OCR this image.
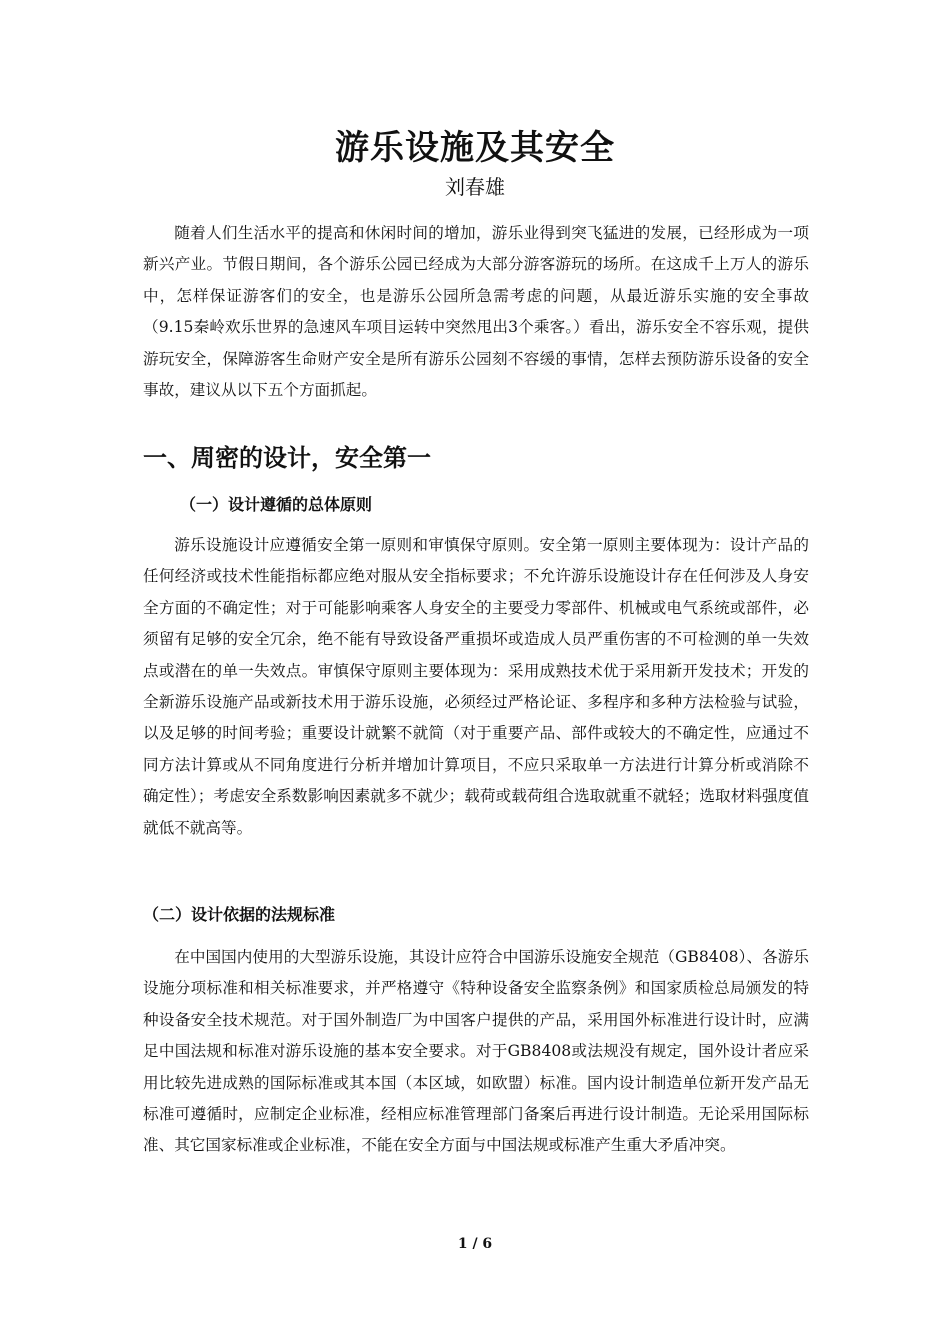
游乐设施及其安全
刘春雄

随着人们生活水平的提高和休闲时间的增加，游乐业得到突飞猛进的发展，已经形成为一项新兴产业。节假日期间，各个游乐公园已经成为大部分游客游玩的场所。在这成千上万人的游乐中，怎样保证游客们的安全，也是游乐公园所急需考虑的问题，从最近游乐实施的安全事故（9.15秦岭欢乐世界的急速风车项目运转中突然甩出3个乘客。）看出，游乐安全不容乐观，提供游玩安全，保障游客生命财产安全是所有游乐公园刻不容缓的事情，怎样去预防游乐设备的安全事故，建议从以下五个方面抓起。

一、周密的设计，安全第一
（一）设计遵循的总体原则

游乐设施设计应遵循安全第一原则和审慎保守原则。安全第一原则主要体现为：设计产品的任何经济或技术性能指标都应绝对服从安全指标要求；不允许游乐设施设计存在任何涉及人身安全方面的不确定性；对于可能影响乘客人身安全的主要受力零部件、机械或电气系统或部件，必须留有足够的安全冗余，绝不能有导致设备严重损坏或造成人员严重伤害的不可检测的单一失效点或潜在的单一失效点。审慎保守原则主要体现为：采用成熟技术优于采用新开发技术；开发的全新游乐设施产品或新技术用于游乐设施，必须经过严格论证、多程序和多种方法检验与试验，以及足够的时间考验；重要设计就繁不就简（对于重要产品、部件或较大的不确定性，应通过不同方法计算或从不同角度进行分析并增加计算项目，不应只采取单一方法进行计算分析或消除不确定性）；考虑安全系数影响因素就多不就少；载荷或载荷组合选取就重不就轻；选取材料强度值就低不就高等。

（二）设计依据的法规标准

在中国国内使用的大型游乐设施，其设计应符合中国游乐设施安全规范（GB8408）、各游乐设施分项标准和相关标准要求，并严格遵守《特种设备安全监察条例》和国家质检总局颁发的特种设备安全技术规范。对于国外制造厂为中国客户提供的产品，采用国外标准进行设计时，应满足中国法规和标准对游乐设施的基本安全要求。对于GB8408或法规没有规定，国外设计者应采用比较先进成熟的国际标准或其本国（本区域，如欧盟）标准。国内设计制造单位新开发产品无标准可遵循时，应制定企业标准，经相应标准管理部门备案后再进行设计制造。无论采用国际标准、其它国家标准或企业标准，不能在安全方面与中国法规或标准产生重大矛盾冲突。

1 / 6
